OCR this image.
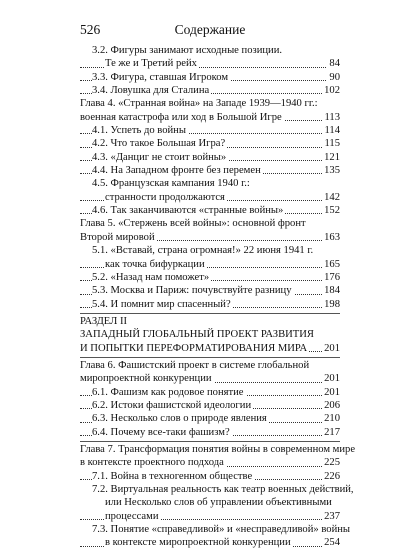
526	Содержание
3.2. Фигуры занимают исходные позиции.
Те же и Третий рейх	84
3.3. Фигура, ставшая Игроком	90
3.4. Ловушка для Сталина	102
Глава 4. «Странная война» на Западе 1939—1940 гг.:
военная катастрофа или ход в Большой Игре	113
4.1. Успеть до войны	114
4.2. Что такое Большая Игра?	115
4.3. «Данциг не стоит войны»	121
4.4. На Западном фронте без перемен	135
4.5. Французская кампания 1940 г.:
странности продолжаются	142
4.6. Так заканчиваются «странные войны»	152
Глава 5. «Стержень всей войны»: основной фронт
Второй мировой	163
5.1. «Вставай, страна огромная!» 22 июня 1941 г.
как точка бифуркации	165
5.2. «Назад нам поможет»	176
5.3. Москва и Париж: почувствуйте разницу	184
5.4. И помнит мир спасенный?	198
РАЗДЕЛ II
ЗАПАДНЫЙ ГЛОБАЛЬНЫЙ ПРОЕКТ РАЗВИТИЯ
И ПОПЫТКИ ПЕРЕФОРМАТИРОВАНИЯ МИРА 201
Глава 6. Фашистский проект в системе глобальной
миропроектной конкуренции	201
6.1. Фашизм как родовое понятие	201
6.2. Истоки фашистской идеологии	206
6.3. Несколько слов о природе явления	210
6.4. Почему все-таки фашизм?	217
Глава 7. Трансформация понятия войны в современном мире
в контексте проектного подхода	225
7.1. Война в техногенном обществе	226
7.2. Виртуальная реальность как театр военных действий,
или Несколько слов об управлении объективными
процессами	237
7.3. Понятие «справедливой» и «несправедливой» войны
в контексте миропроектной конкуренции	254
